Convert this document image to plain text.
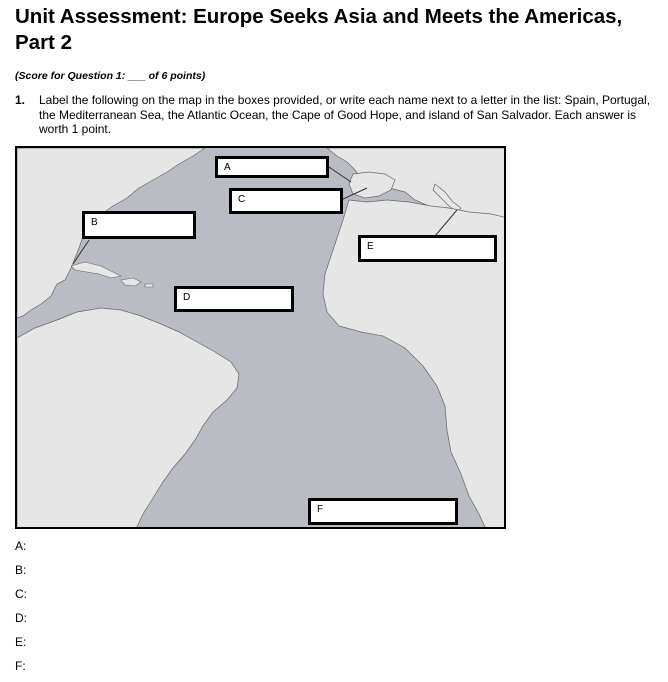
Unit Assessment: Europe Seeks Asia and Meets the Americas, Part 2
(Score for Question 1: ___ of 6 points)
1. Label the following on the map in the boxes provided, or write each name next to a letter in the list: Spain, Portugal, the Mediterranean Sea, the Atlantic Ocean, the Cape of Good Hope, and island of San Salvador. Each answer is worth 1 point.
A
B
C
D
E
F
A:
B:
C:
D:
E:
F:
